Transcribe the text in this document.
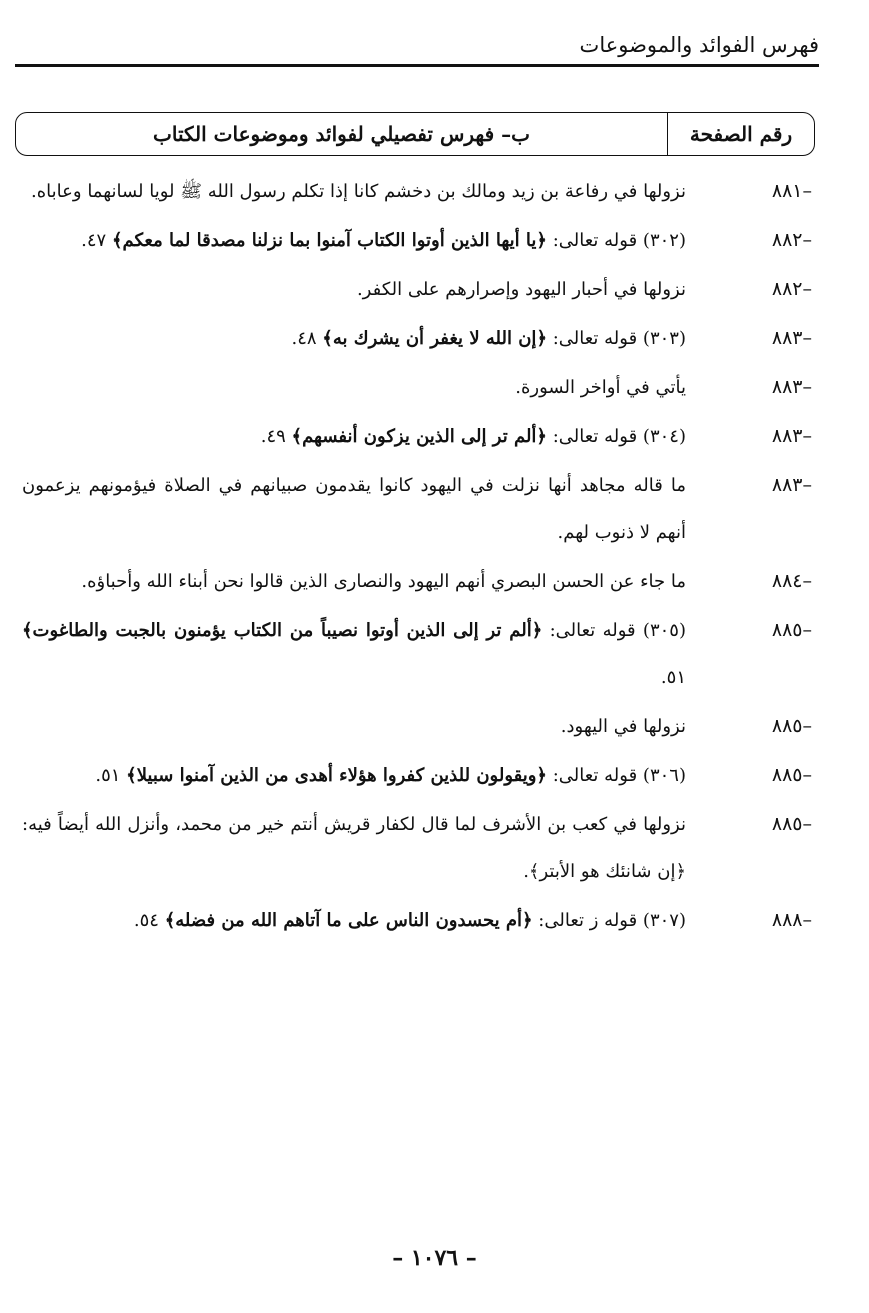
فهرس الفوائد والموضوعات
رقم الصفحة
ب– فهرس تفصيلي لفوائد وموضوعات الكتاب
–٨٨١
نزولها في رفاعة بن زيد ومالك بن دخشم كانا إذا تكلم رسول الله ﷺ لويا لسانهما وعاباه.
–٨٨٢
(٣٠٢) قوله تعالى: ﴿يا أيها الذين أوتوا الكتاب آمنوا بما نزلنا مصدقا لما معكم﴾ ٤٧.
–٨٨٢
نزولها في أحبار اليهود وإصرارهم على الكفر.
–٨٨٣
(٣٠٣) قوله تعالى: ﴿إن الله لا يغفر أن يشرك به﴾ ٤٨.
–٨٨٣
يأتي في أواخر السورة.
–٨٨٣
(٣٠٤) قوله تعالى: ﴿ألم تر إلى الذين يزكون أنفسهم﴾ ٤٩.
–٨٨٣
ما قاله مجاهد أنها نزلت في اليهود كانوا يقدمون صبيانهم في الصلاة فيؤمونهم يزعمون أنهم لا ذنوب لهم.
–٨٨٤
ما جاء عن الحسن البصري أنهم اليهود والنصارى الذين قالوا نحن أبناء الله وأحباؤه.
–٨٨٥
(٣٠٥) قوله تعالى: ﴿ألم تر إلى الذين أوتوا نصيباً من الكتاب يؤمنون بالجبت والطاغوت﴾ ٥١.
–٨٨٥
نزولها في اليهود.
–٨٨٥
(٣٠٦) قوله تعالى: ﴿ويقولون للذين كفروا هؤلاء أهدى من الذين آمنوا سبيلا﴾ ٥١.
–٨٨٥
نزولها في كعب بن الأشرف لما قال لكفار قريش أنتم خير من محمد، وأنزل الله أيضاً فيه: ﴿إن شانئك هو الأبتر﴾.
–٨٨٨
(٣٠٧) قوله ز تعالى: ﴿أم يحسدون الناس على ما آتاهم الله من فضله﴾ ٥٤.
– ١٠٧٦ –
